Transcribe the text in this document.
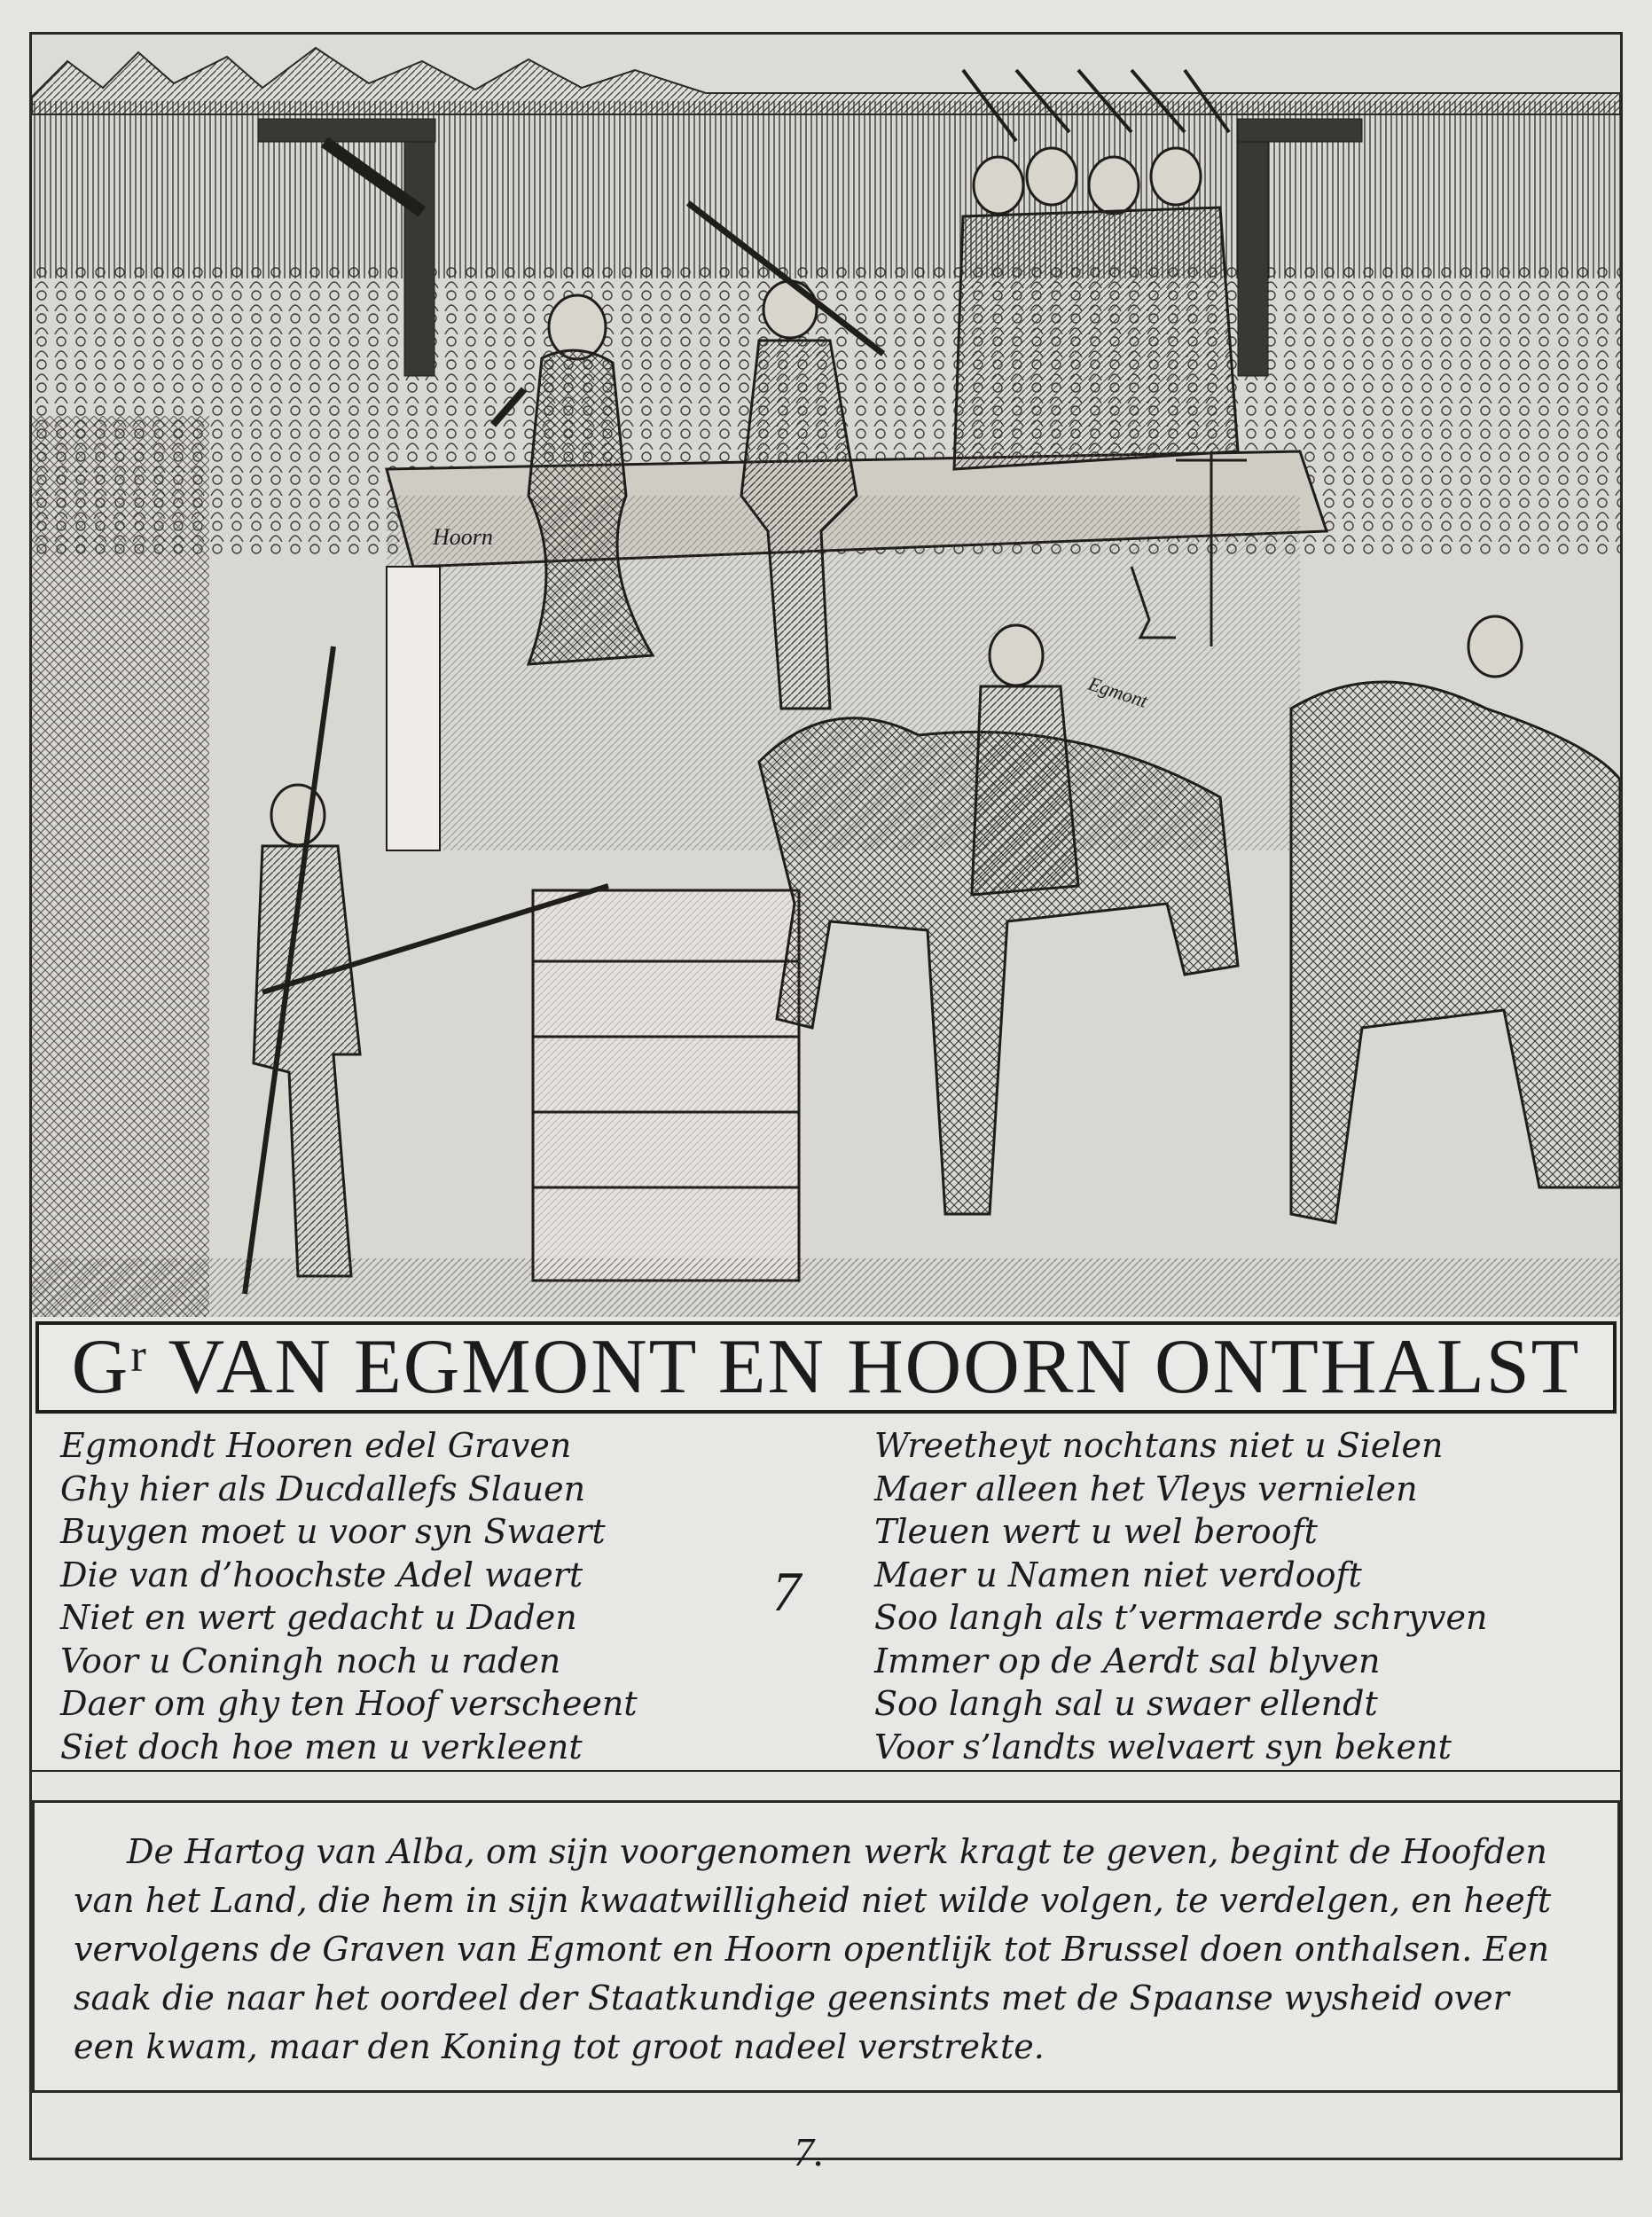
Hoorn
Egmont
Gʳ VAN EGMONT EN HOORN ONTHALST
Egmondt Hooren edel Graven
Ghy hier als Ducdallefs Slauen
Buygen moet u voor syn Swaert
Die van d’hoochste Adel waert
Niet en wert gedacht u Daden
Voor u Coningh noch u raden
Daer om ghy ten Hoof verscheent
Siet doch hoe men u verkleent
7
Wreetheyt nochtans niet u Sielen
Maer alleen het Vleys vernielen
Tleuen wert u wel berooft
Maer u Namen niet verdooft
Soo langh als t’vermaerde schryven
Immer op de Aerdt sal blyven
Soo langh sal u swaer ellendt
Voor s’landts welvaert syn bekent
De Hartog van Alba, om sijn voorgenomen werk kragt te geven, begint de Hoofden van het Land, die hem in sijn kwaatwilligheid niet wilde volgen, te verdelgen, en heeft vervolgens de Graven van Egmont en Hoorn opentlijk tot Brussel doen onthalsen. Een saak die naar het oordeel der Staatkundige geensints met de Spaanse wysheid over een kwam, maar den Koning tot groot nadeel verstrekte.
7.
